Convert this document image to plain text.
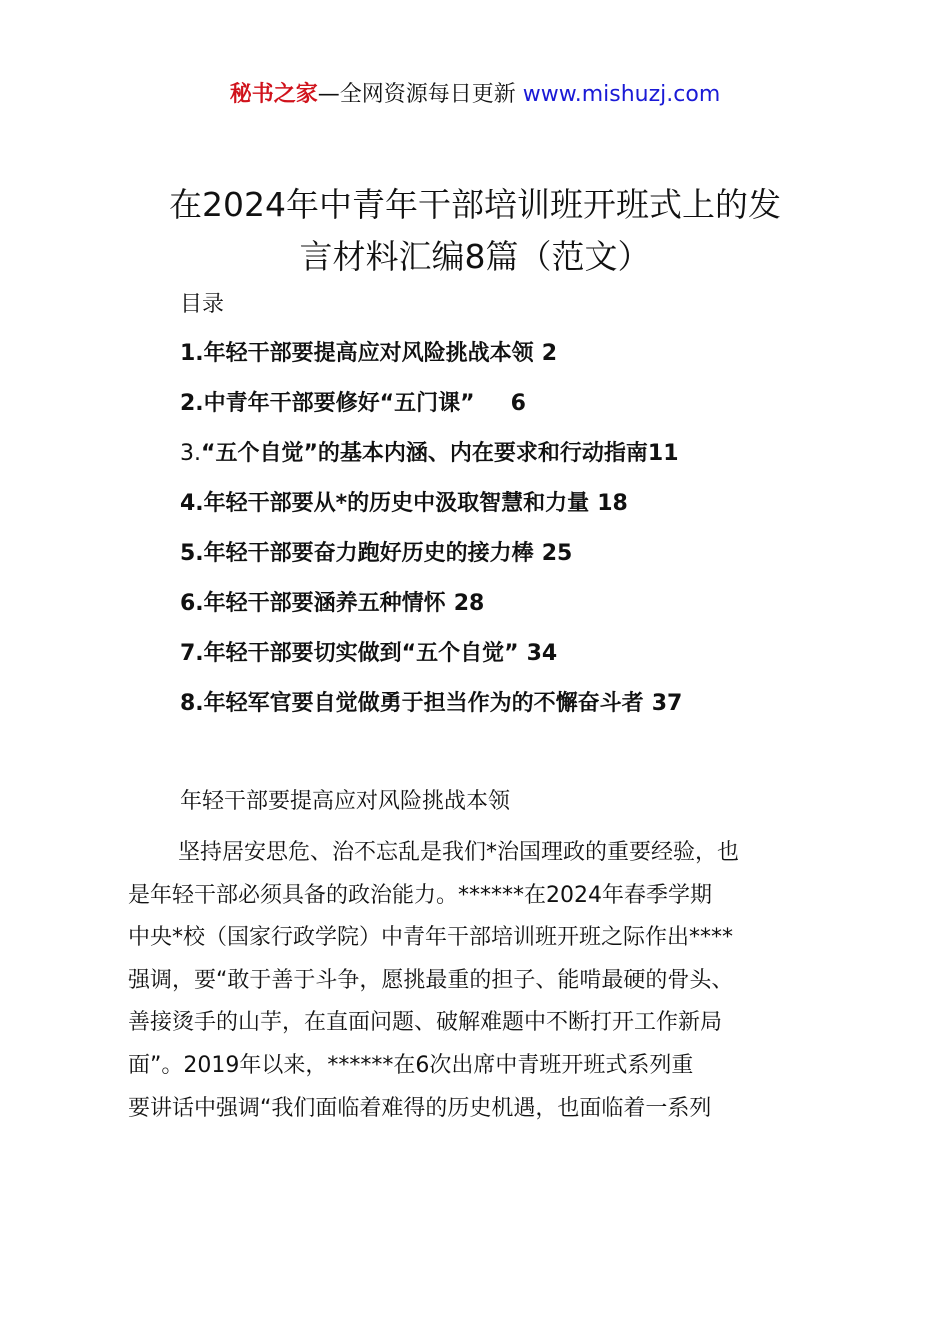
秘书之家—全网资源每日更新 www.mishuzj.com
在2024年中青年干部培训班开班式上的发
言材料汇编8篇（范文）
目录
1.年轻干部要提高应对风险挑战本领 2
2.中青年干部要修好“五门课” 6
3.“五个自觉”的基本内涵、内在要求和行动指南11
4.年轻干部要从*的历史中汲取智慧和力量 18
5.年轻干部要奋力跑好历史的接力棒 25
6.年轻干部要涵养五种情怀 28
7.年轻干部要切实做到“五个自觉” 34
8.年轻军官要自觉做勇于担当作为的不懈奋斗者 37
年轻干部要提高应对风险挑战本领
坚持居安思危、治不忘乱是我们*治国理政的重要经验，也
是年轻干部必须具备的政治能力。******在2024年春季学期
中央*校（国家行政学院）中青年干部培训班开班之际作出****
强调，要“敢于善于斗争，愿挑最重的担子、能啃最硬的骨头、
善接烫手的山芋，在直面问题、破解难题中不断打开工作新局
面”。2019年以来，******在6次出席中青班开班式系列重
要讲话中强调“我们面临着难得的历史机遇，也面临着一系列
